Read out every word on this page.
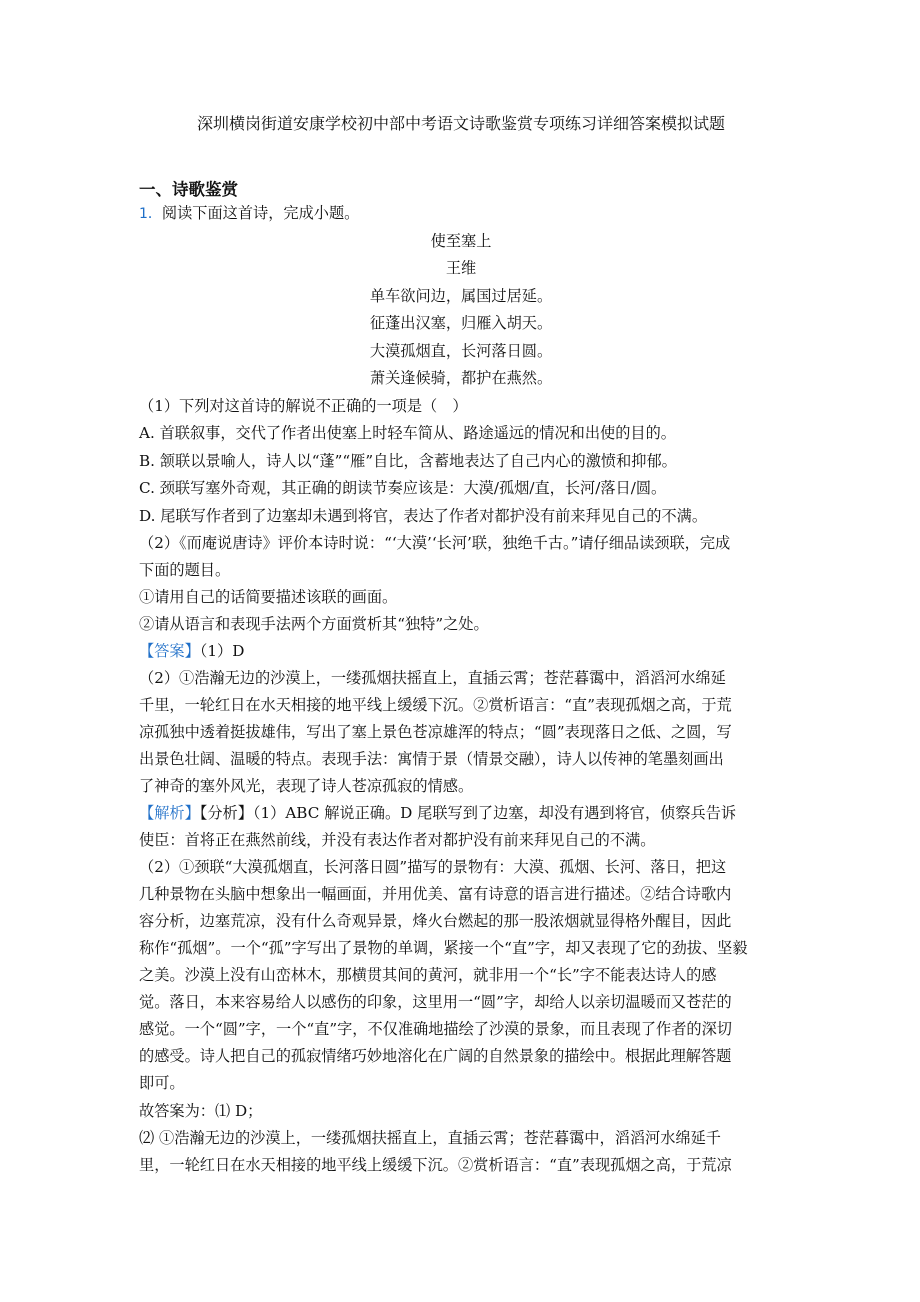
深圳横岗街道安康学校初中部中考语文诗歌鉴赏专项练习详细答案模拟试题
一、诗歌鉴赏
1．阅读下面这首诗，完成小题。
使至塞上
王维
单车欲问边，属国过居延。
征蓬出汉塞，归雁入胡天。
大漠孤烟直，长河落日圆。
萧关逢候骑，都护在燕然。
（1）下列对这首诗的解说不正确的一项是（　）
A. 首联叙事，交代了作者出使塞上时轻车简从、路途遥远的情况和出使的目的。
B. 颔联以景喻人，诗人以“蓬”“雁”自比，含蓄地表达了自己内心的激愤和抑郁。
C. 颈联写塞外奇观，其正确的朗读节奏应该是：大漠/孤烟/直，长河/落日/圆。
D. 尾联写作者到了边塞却未遇到将官，表达了作者对都护没有前来拜见自己的不满。
（2）《而庵说唐诗》评价本诗时说：“‘大漠’‘长河’联，独绝千古。”请仔细品读颈联，完成
下面的题目。
①请用自己的话简要描述该联的画面。
②请从语言和表现手法两个方面赏析其“独特”之处。
【答案】（1）D
（2）①浩瀚无边的沙漠上，一缕孤烟扶摇直上，直插云霄；苍茫暮霭中，滔滔河水绵延
千里，一轮红日在水天相接的地平线上缓缓下沉。②赏析语言：“直”表现孤烟之高，于荒
凉孤独中透着挺拔雄伟，写出了塞上景色苍凉雄浑的特点；“圆”表现落日之低、之圆，写
出景色壮阔、温暖的特点。表现手法：寓情于景（情景交融），诗人以传神的笔墨刻画出
了神奇的塞外风光，表现了诗人苍凉孤寂的情感。
【解析】【分析】（1）ABC 解说正确。D 尾联写到了边塞，却没有遇到将官，侦察兵告诉
使臣：首将正在燕然前线，并没有表达作者对都护没有前来拜见自己的不满。
（2）①颈联“大漠孤烟直，长河落日圆”描写的景物有：大漠、孤烟、长河、落日，把这
几种景物在头脑中想象出一幅画面，并用优美、富有诗意的语言进行描述。②结合诗歌内
容分析，边塞荒凉，没有什么奇观异景，烽火台燃起的那一股浓烟就显得格外醒目，因此
称作“孤烟”。一个“孤”字写出了景物的单调，紧接一个“直”字，却又表现了它的劲拔、坚毅
之美。沙漠上没有山峦林木，那横贯其间的黄河，就非用一个“长”字不能表达诗人的感
觉。落日，本来容易给人以感伤的印象，这里用一“圆”字，却给人以亲切温暖而又苍茫的
感觉。一个“圆”字，一个“直”字，不仅准确地描绘了沙漠的景象，而且表现了作者的深切
的感受。诗人把自己的孤寂情绪巧妙地溶化在广阔的自然景象的描绘中。根据此理解答题
即可。
故答案为：⑴ D；
⑵ ①浩瀚无边的沙漠上，一缕孤烟扶摇直上，直插云霄；苍茫暮霭中，滔滔河水绵延千
里，一轮红日在水天相接的地平线上缓缓下沉。②赏析语言：“直”表现孤烟之高，于荒凉
